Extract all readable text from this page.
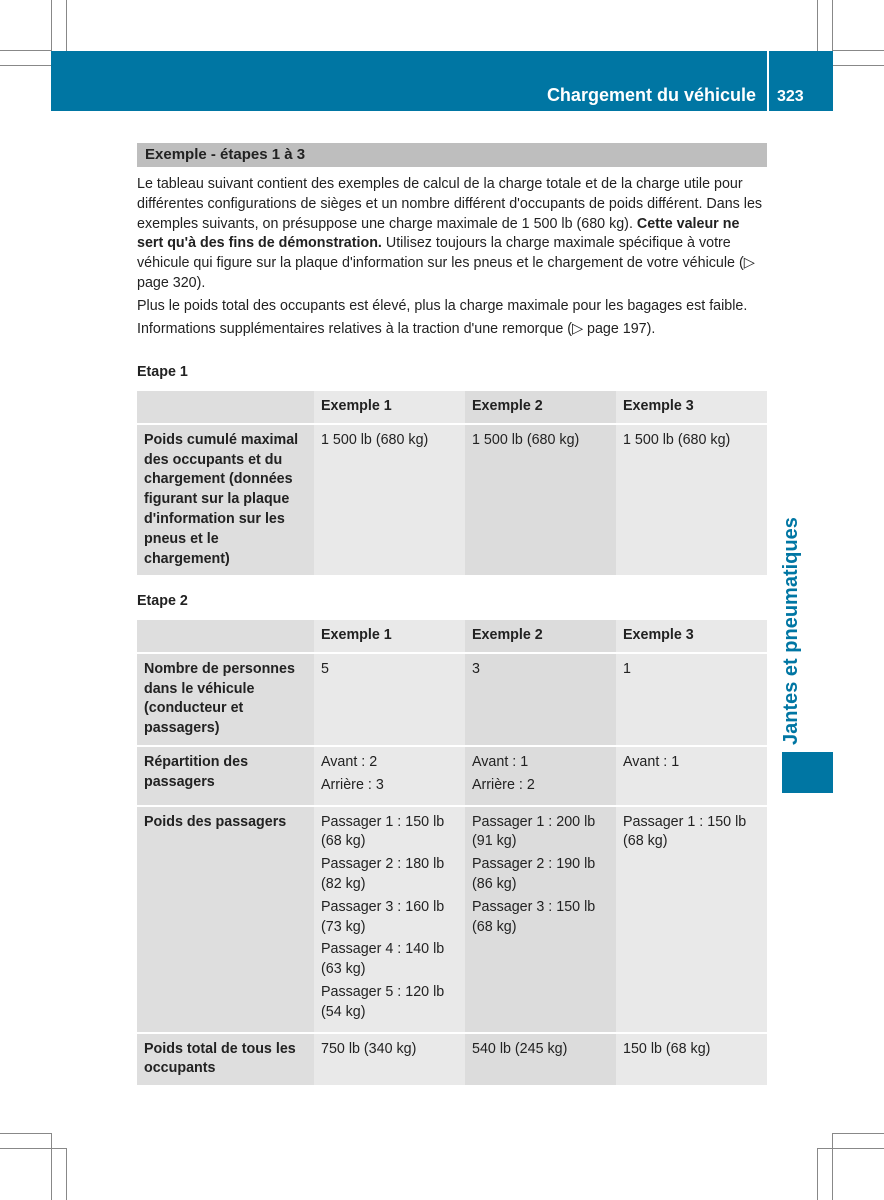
Chargement du véhicule 323
Exemple - étapes 1 à 3

Le tableau suivant contient des exemples de calcul de la charge totale et de la charge utile pour différentes configurations de sièges et un nombre différent d'occupants de poids différent. Dans les exemples suivants, on présuppose une charge maximale de 1 500 lb (680 kg). Cette valeur ne sert qu'à des fins de démonstration. Utilisez toujours la charge maximale spécifique à votre véhicule qui figure sur la plaque d'information sur les pneus et le chargement de votre véhicule (▷ page 320).

Plus le poids total des occupants est élevé, plus la charge maximale pour les bagages est faible.

Informations supplémentaires relatives à la traction d'une remorque (▷ page 197).

Etape 1
	Exemple 1	Exemple 2	Exemple 3
Poids cumulé maximal des occupants et du chargement (données figurant sur la plaque d'information sur les pneus et le chargement)	1 500 lb (680 kg)	1 500 lb (680 kg)	1 500 lb (680 kg)
Etape 2
	Exemple 1	Exemple 2	Exemple 3
Nombre de personnes dans le véhicule (conducteur et passagers)	5	3	1
Répartition des passagers	Avant : 2
Arrière : 3	Avant : 1
Arrière : 2	Avant : 1

Poids des passagers	Passager 1 : 150 lb (68 kg)
Passager 2 : 180 lb (82 kg)
Passager 3 : 160 lb (73 kg)
Passager 4 : 140 lb (63 kg)
Passager 5 : 120 lb (54 kg)	Passager 1 : 200 lb (91 kg)
Passager 2 : 190 lb (86 kg)
Passager 3 : 150 lb (68 kg)	Passager 1 : 150 lb (68 kg)

Poids total de tous les occupants	750 lb (340 kg)	540 lb (245 kg)	150 lb (68 kg)
Jantes et pneumatiques
